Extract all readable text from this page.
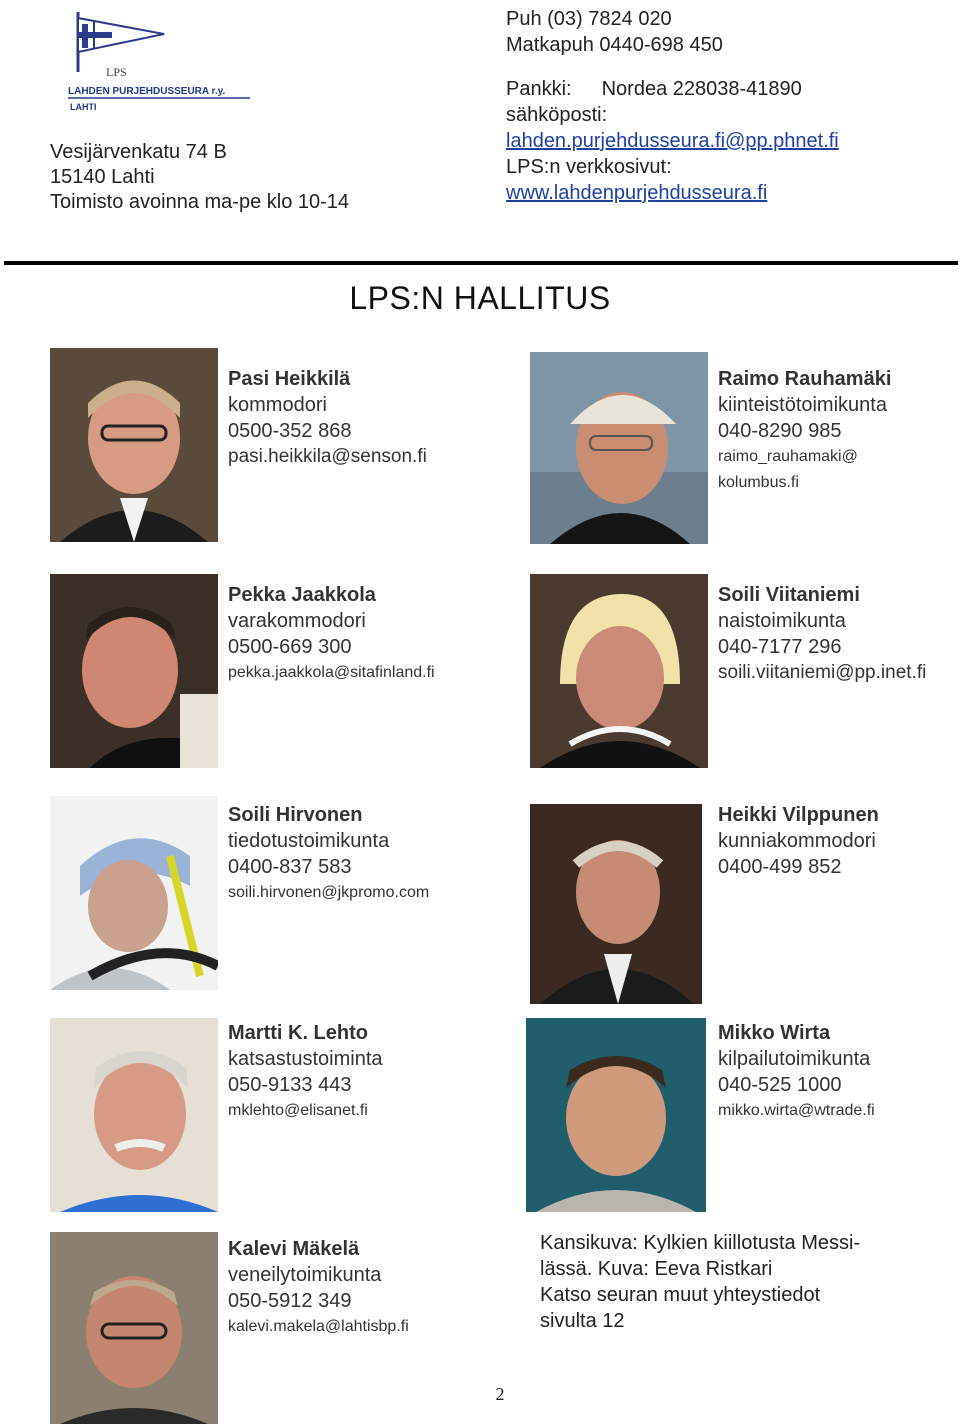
LPS
LAHDEN PURJEHDUSSEURA r.y.
LAHTI
Vesijärvenkatu 74 B
15140 Lahti
Toimisto avoinna ma-pe klo 10-14
Puh (03) 7824 020
Matkapuh 0440-698 450
Pankki: Nordea 228038-41890
sähköposti:
lahden.purjehdusseura.fi@pp.phnet.fi
LPS:n verkkosivut:
www.lahdenpurjehdusseura.fi
LPS:N HALLITUS
Pasi Heikkilä
kommodori
0500-352 868
pasi.heikkila@senson.fi
Raimo Rauhamäki
kiinteistötoimikunta
040-8290 985
raimo_rauhamaki@
kolumbus.fi
Pekka Jaakkola
varakommodori
0500-669 300
pekka.jaakkola@sitafinland.fi
Soili Viitaniemi
naistoimikunta
040-7177 296
soili.viitaniemi@pp.inet.fi
Soili Hirvonen
tiedotustoimikunta
0400-837 583
soili.hirvonen@jkpromo.com
Heikki Vilppunen
kunniakommodori
0400-499 852
Martti K. Lehto
katsastustoiminta
050-9133 443
mklehto@elisanet.fi
Mikko Wirta
kilpailutoimikunta
040-525 1000
mikko.wirta@wtrade.fi
Kalevi Mäkelä
veneilytoimikunta
050-5912 349
kalevi.makela@lahtisbp.fi
Kansikuva: Kylkien kiillotusta Messi-
lässä. Kuva: Eeva Ristkari
Katso seuran muut yhteystiedot
sivulta 12
2
